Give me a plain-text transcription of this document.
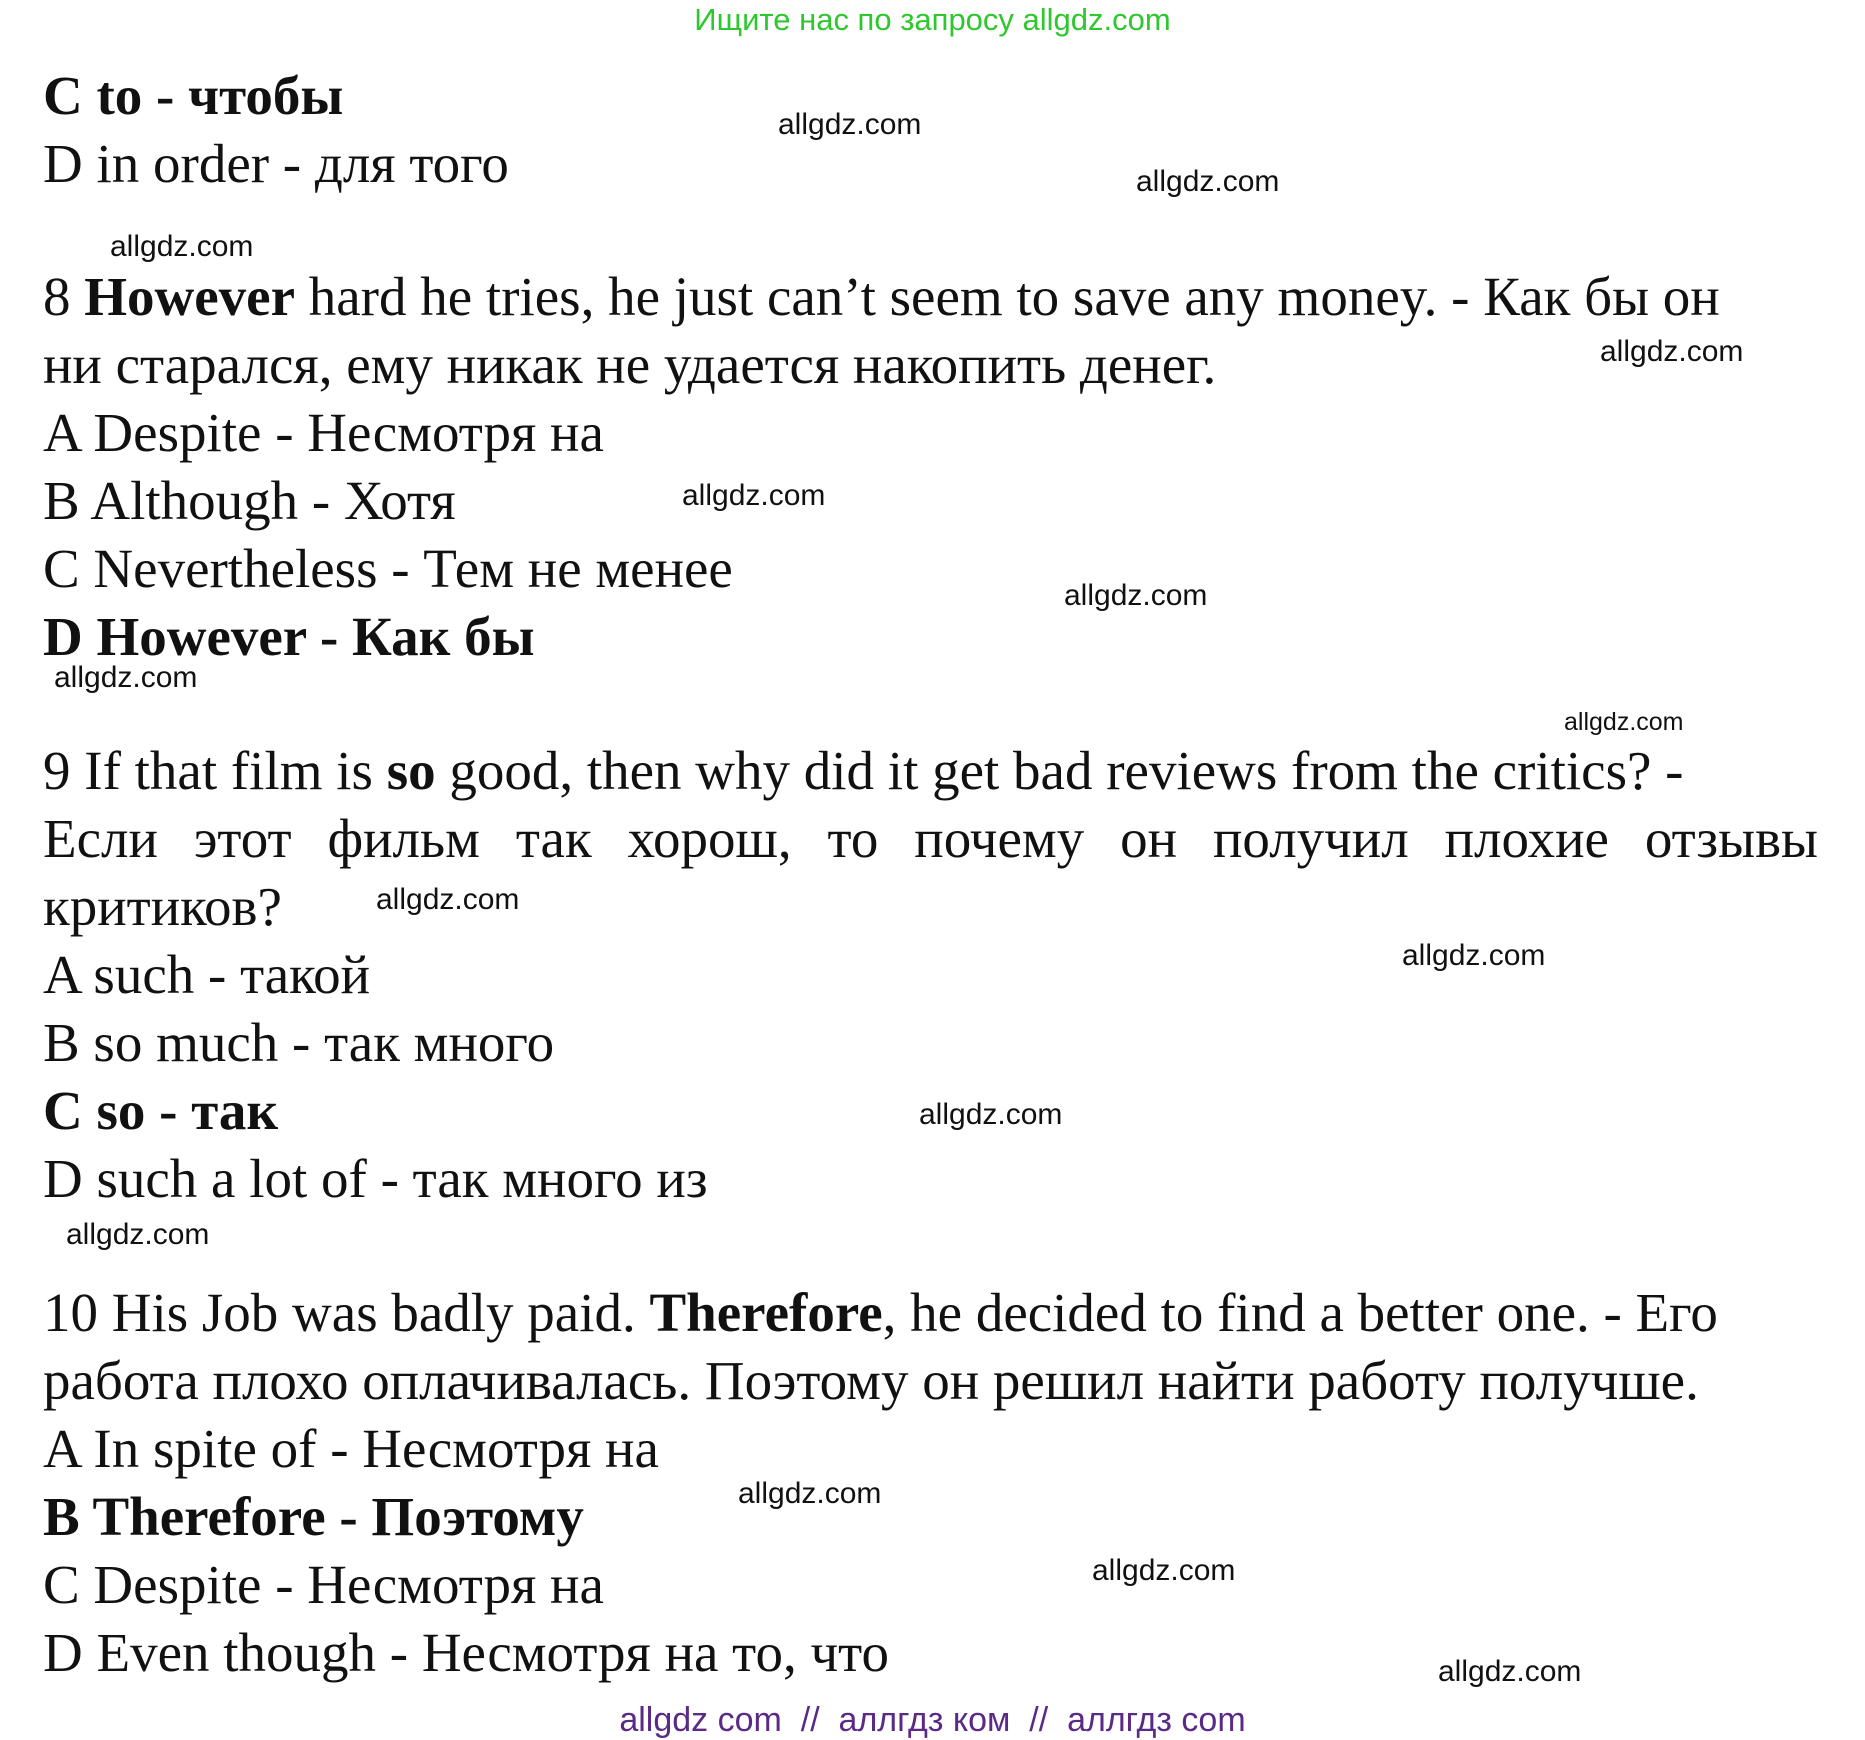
Ищите нас по запросу allgdz.com
C to - чтобы
D in order - для того
8 However hard he tries, he just can’t seem to save any money. - Как бы он
ни старался, ему никак не удается накопить денег.
A Despite - Несмотря на
B Although - Хотя
C Nevertheless - Тем не менее
D However - Как бы
9 If that film is so good, then why did it get bad reviews from the critics? -
Если этот фильм так хорош, то почему он получил плохие отзывы
критиков?
A such - такой
B so much - так много
C so - так
D such a lot of - так много из
10 His Job was badly paid. Therefore, he decided to find a better one. - Его
работа плохо оплачивалась. Поэтому он решил найти работу получше.
A In spite of - Несмотря на
B Therefore - Поэтому
C Despite - Несмотря на
D Even though - Несмотря на то, что
allgdz.com
allgdz.com
allgdz.com
allgdz.com
allgdz.com
allgdz.com
allgdz.com
allgdz.com
allgdz.com
allgdz.com
allgdz.com
allgdz.com
allgdz.com
allgdz.com
allgdz.com
allgdz com  //  аллгдз ком  //  аллгдз com
